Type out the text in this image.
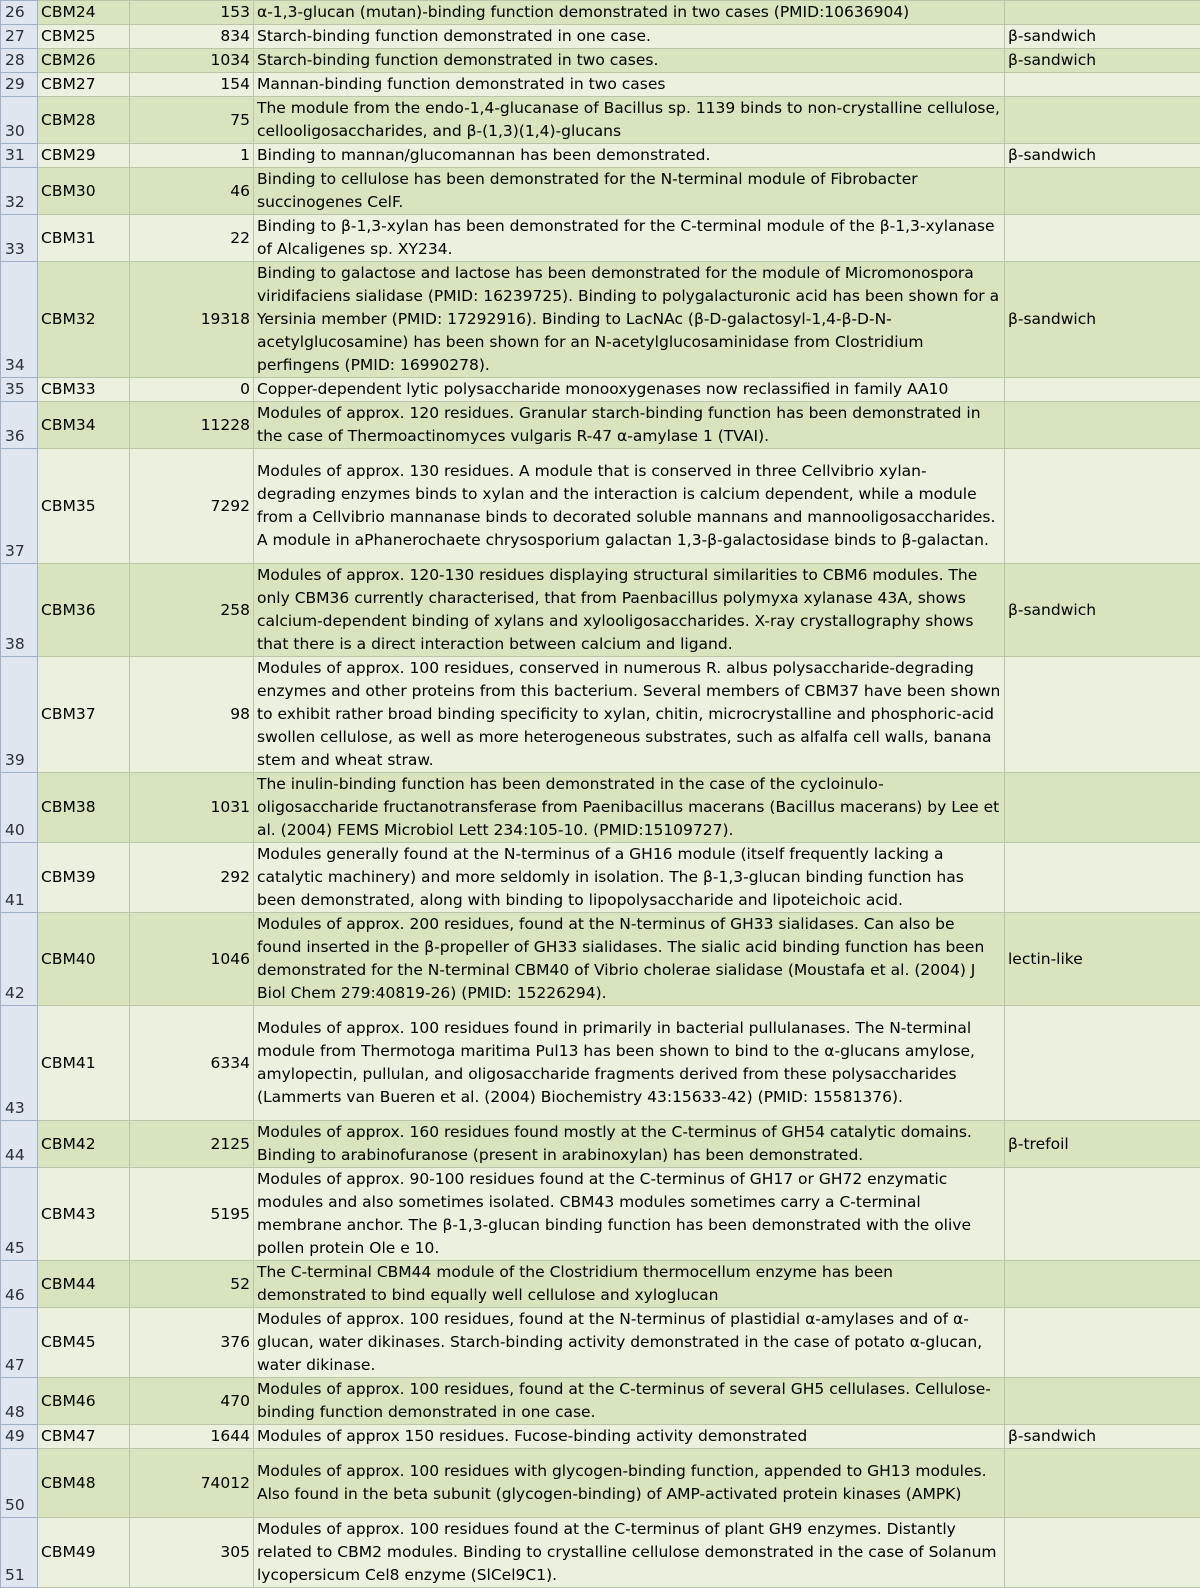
26	CBM24	153	α-1,3-glucan (mutan)-binding function demonstrated in two cases (PMID:10636904)	
27	CBM25	834	Starch-binding function demonstrated in one case.	β-sandwich
28	CBM26	1034	Starch-binding function demonstrated in two cases.	β-sandwich
29	CBM27	154	Mannan-binding function demonstrated in two cases	
30	CBM28	75	The module from the endo-1,4-glucanase of Bacillus sp. 1139 binds to non-crystalline cellulose, cellooligosaccharides, and β-(1,3)(1,4)-glucans	
31	CBM29	1	Binding to mannan/glucomannan has been demonstrated.	β-sandwich
32	CBM30	46	Binding to cellulose has been demonstrated for the N-terminal module of Fibrobacter succinogenes CelF.	
33	CBM31	22	Binding to β-1,3-xylan has been demonstrated for the C-terminal module of the β-1,3-xylanase of Alcaligenes sp. XY234.	
34	CBM32	19318	Binding to galactose and lactose has been demonstrated for the module of Micromonospora viridifaciens sialidase (PMID: 16239725). Binding to polygalacturonic acid has been shown for a Yersinia member (PMID: 17292916). Binding to LacNAc (β-D-galactosyl-1,4-β-D-N-acetylglucosamine) has been shown for an N-acetylglucosaminidase from Clostridium perfingens (PMID: 16990278).	β-sandwich
35	CBM33	0	Copper-dependent lytic polysaccharide monooxygenases now reclassified in family AA10	
36	CBM34	11228	Modules of approx. 120 residues. Granular starch-binding function has been demonstrated in the case of Thermoactinomyces vulgaris R-47 α-amylase 1 (TVAI).	
37	CBM35	7292	Modules of approx. 130 residues. A module that is conserved in three Cellvibrio xylan-degrading enzymes binds to xylan and the interaction is calcium dependent, while a module from a Cellvibrio mannanase binds to decorated soluble mannans and mannooligosaccharides. A module in aPhanerochaete chrysosporium galactan 1,3-β-galactosidase binds to β-galactan.	
38	CBM36	258	Modules of approx. 120-130 residues displaying structural similarities to CBM6 modules. The only CBM36 currently characterised, that from Paenbacillus polymyxa xylanase 43A, shows calcium-dependent binding of xylans and xylooligosaccharides. X-ray crystallography shows that there is a direct interaction between calcium and ligand.	β-sandwich
39	CBM37	98	Modules of approx. 100 residues, conserved in numerous R. albus polysaccharide-degrading enzymes and other proteins from this bacterium. Several members of CBM37 have been shown to exhibit rather broad binding specificity to xylan, chitin, microcrystalline and phosphoric-acid swollen cellulose, as well as more heterogeneous substrates, such as alfalfa cell walls, banana stem and wheat straw.	
40	CBM38	1031	The inulin-binding function has been demonstrated in the case of the cycloinulo-oligosaccharide fructanotransferase from Paenibacillus macerans (Bacillus macerans) by Lee et al. (2004) FEMS Microbiol Lett 234:105-10. (PMID:15109727).	
41	CBM39	292	Modules generally found at the N-terminus of a GH16 module (itself frequently lacking a catalytic machinery) and more seldomly in isolation. The β-1,3-glucan binding function has been demonstrated, along with binding to lipopolysaccharide and lipoteichoic acid.	
42	CBM40	1046	Modules of approx. 200 residues, found at the N-terminus of GH33 sialidases. Can also be found inserted in the β-propeller of GH33 sialidases. The sialic acid binding function has been demonstrated for the N-terminal CBM40 of Vibrio cholerae sialidase (Moustafa et al. (2004) J Biol Chem 279:40819-26) (PMID: 15226294).	lectin-like
43	CBM41	6334	Modules of approx. 100 residues found in primarily in bacterial pullulanases. The N-terminal module from Thermotoga maritima Pul13 has been shown to bind to the α-glucans amylose, amylopectin, pullulan, and oligosaccharide fragments derived from these polysaccharides (Lammerts van Bueren et al. (2004) Biochemistry 43:15633-42) (PMID: 15581376).	
44	CBM42	2125	Modules of approx. 160 residues found mostly at the C-terminus of GH54 catalytic domains. Binding to arabinofuranose (present in arabinoxylan) has been demonstrated.	β-trefoil
45	CBM43	5195	Modules of approx. 90-100 residues found at the C-terminus of GH17 or GH72 enzymatic modules and also sometimes isolated. CBM43 modules sometimes carry a C-terminal membrane anchor. The β-1,3-glucan binding function has been demonstrated with the olive pollen protein Ole e 10.	
46	CBM44	52	The C-terminal CBM44 module of the Clostridium thermocellum enzyme has been demonstrated to bind equally well cellulose and xyloglucan	
47	CBM45	376	Modules of approx. 100 residues, found at the N-terminus of plastidial α-amylases and of α-glucan, water dikinases. Starch-binding activity demonstrated in the case of potato α-glucan, water dikinase.	
48	CBM46	470	Modules of approx. 100 residues, found at the C-terminus of several GH5 cellulases. Cellulose-binding function demonstrated in one case.	
49	CBM47	1644	Modules of approx 150 residues. Fucose-binding activity demonstrated	β-sandwich
50	CBM48	74012	Modules of approx. 100 residues with glycogen-binding function, appended to GH13 modules. Also found in the beta subunit (glycogen-binding) of AMP-activated protein kinases (AMPK)	
51	CBM49	305	Modules of approx. 100 residues found at the C-terminus of plant GH9 enzymes. Distantly related to CBM2 modules. Binding to crystalline cellulose demonstrated in the case of Solanum lycopersicum Cel8 enzyme (SlCel9C1).	
